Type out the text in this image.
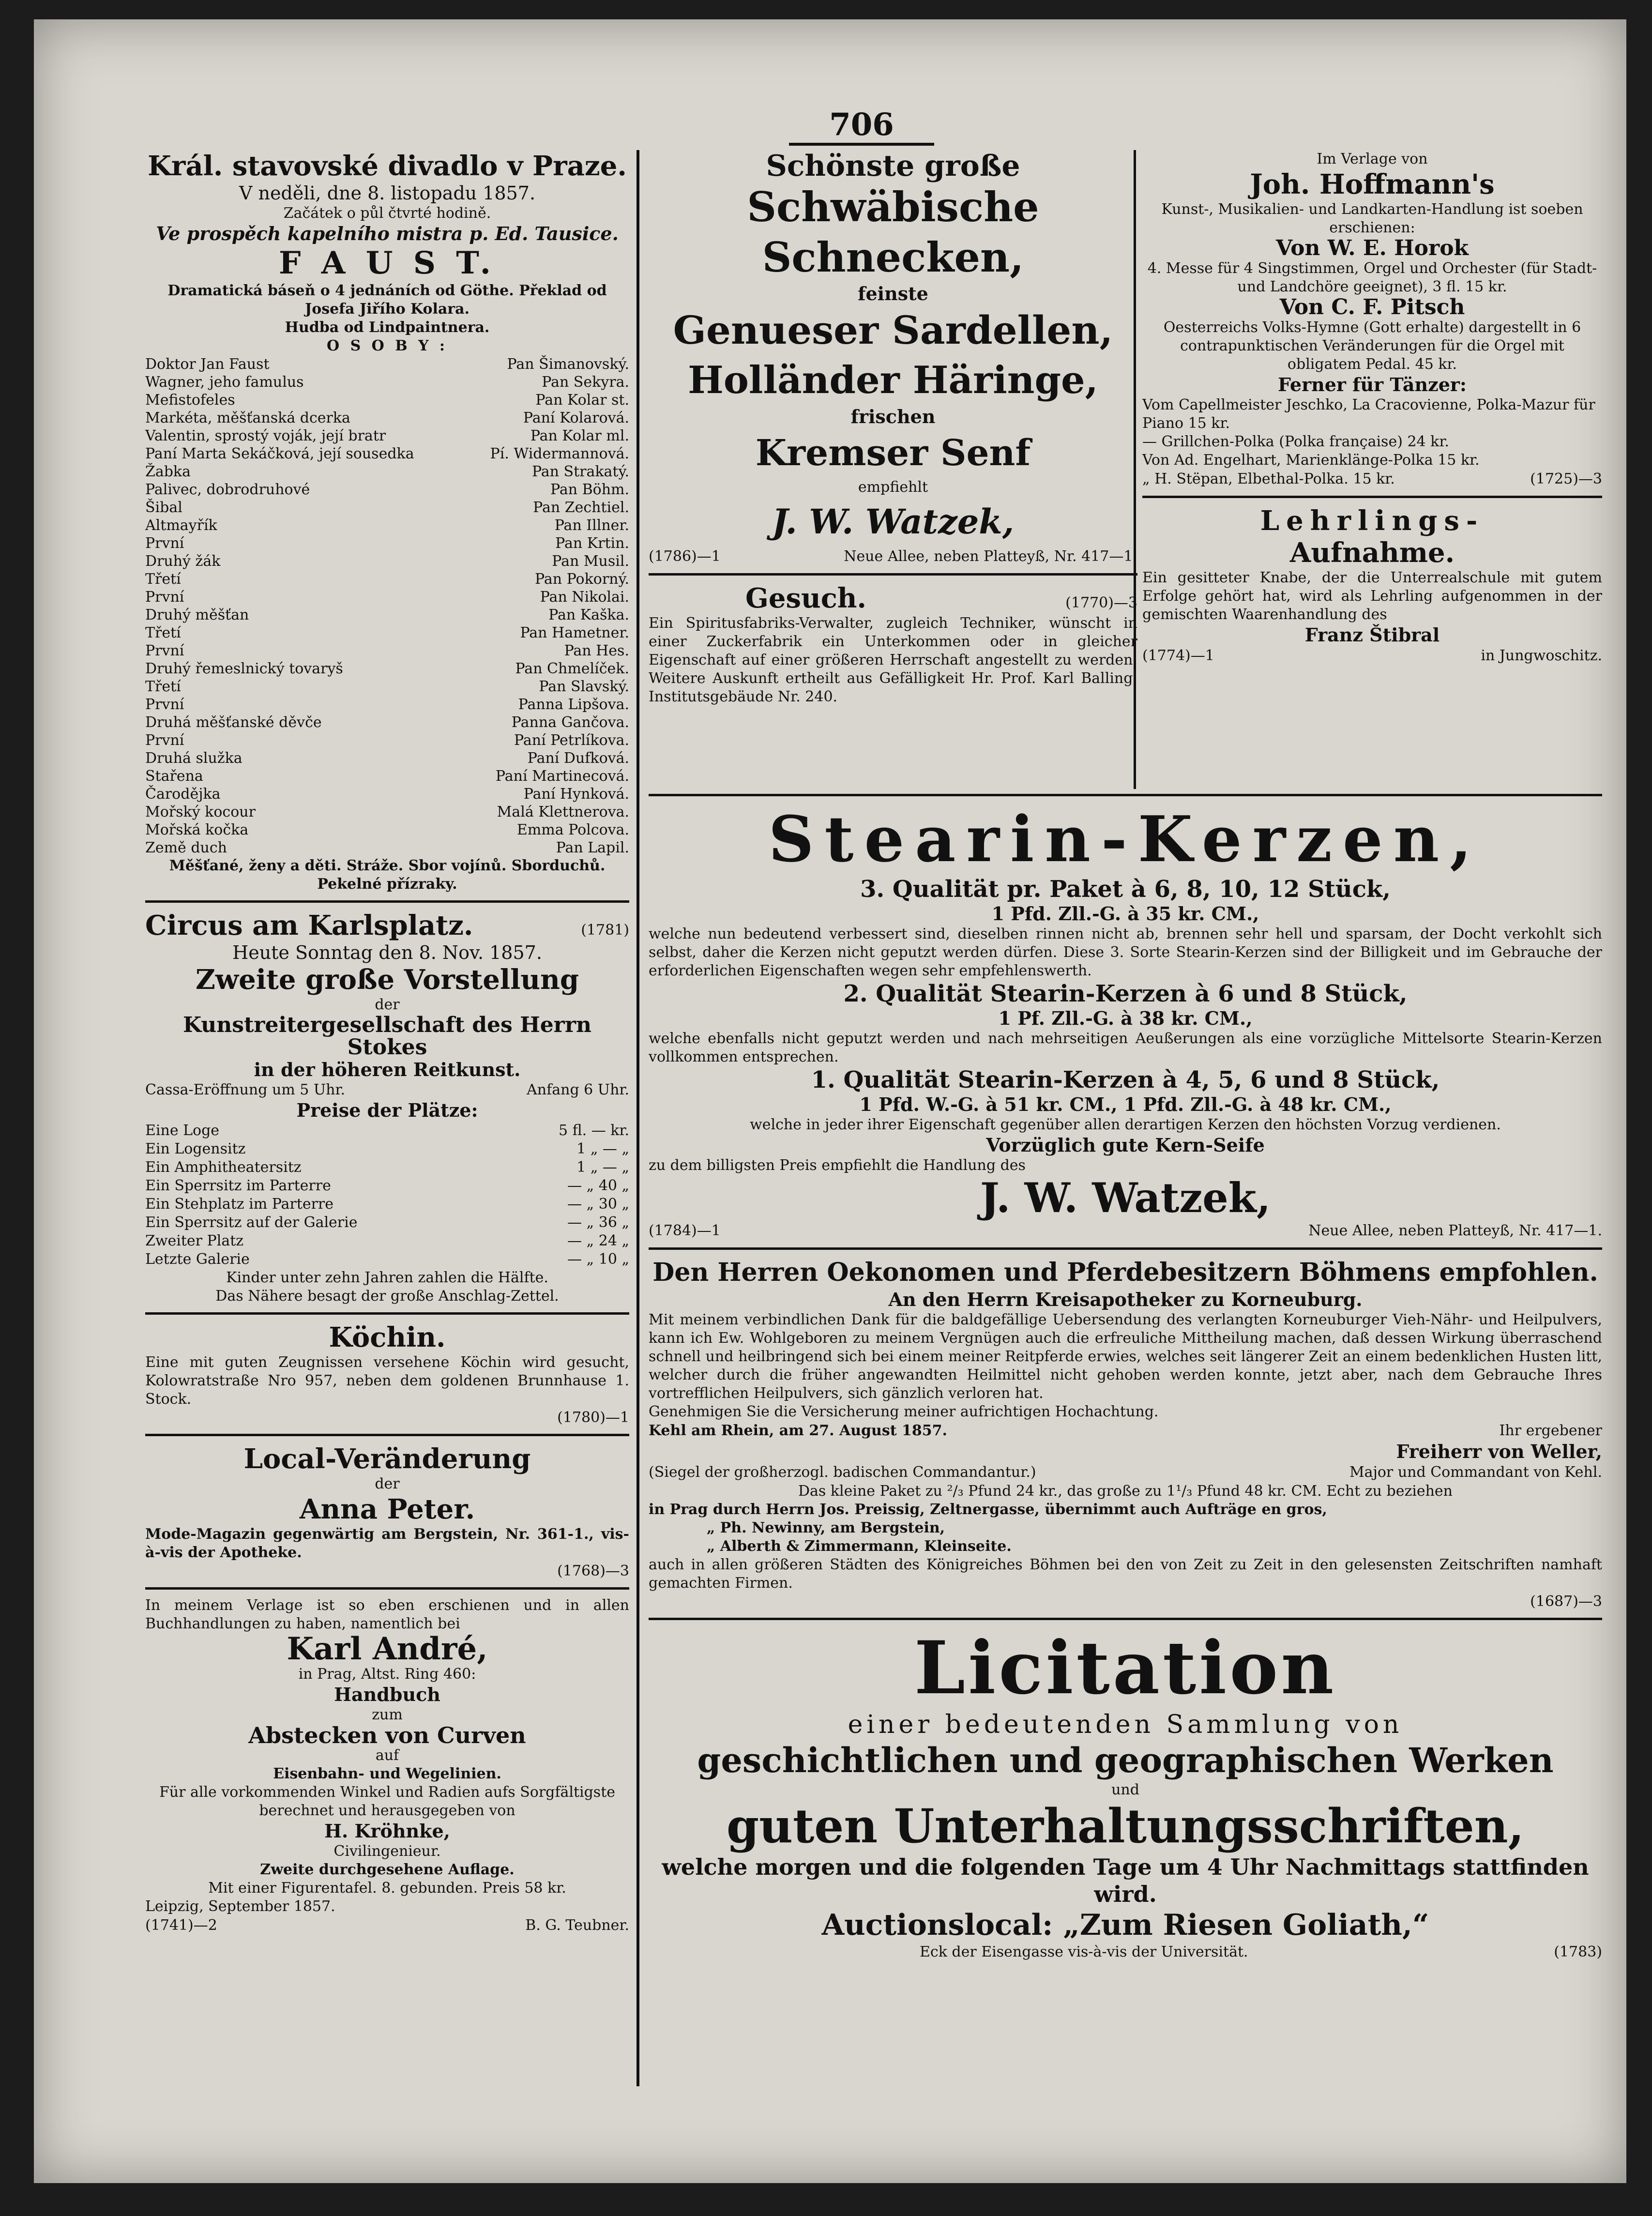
706
Král. stavovské divadlo v Praze.
V neděli, dne 8. listopadu 1857.
Začátek o půl čtvrté hodině.
Ve prospěch kapelního mistra p. Ed. Tausice.
F A U S T.
Dramatická báseň o 4 jednáních od Göthe. Překlad od Josefa Jiřího Kolara.
Hudba od Lindpaintnera.
O S O B Y :
Doktor Jan Faust	Pan Šimanovský.
Wagner, jeho famulus	Pan Sekyra.
Mefistofeles	Pan Kolar st.
Markéta, měšťanská dcerka	Paní Kolarová.
Valentin, sprostý voják, její bratr	Pan Kolar ml.
Paní Marta Sekáčková, její sousedka	Pí. Widermannová.
Žabka	Pan Strakatý.
Palivec, dobrodruhové	Pan Böhm.
Šibal	Pan Zechtiel.
Altmayřík	Pan Illner.
První	Pan Krtin.
Druhý žák	Pan Musil.
Třetí	Pan Pokorný.
První	Pan Nikolai.
Druhý měšťan	Pan Kaška.
Třetí	Pan Hametner.
První	Pan Hes.
Druhý řemeslnický tovaryš	Pan Chmelíček.
Třetí	Pan Slavský.
První	Panna Lipšova.
Druhá měšťanské děvče	Panna Gančova.
První	Paní Petrlíkova.
Druhá služka	Paní Dufková.
Stařena	Paní Martinecová.
Čarodějka	Paní Hynková.
Mořský kocour	Malá Klettnerova.
Mořská kočka	Emma Polcova.
Země duch	Pan Lapil.
Měšťané, ženy a děti. Stráže. Sbor vojínů. Sborduchů.
Pekelné přízraky.
Circus am Karlsplatz.	(1781)
Heute Sonntag den 8. Nov. 1857.
Zweite große Vorstellung
der
Kunstreitergesellschaft des Herrn Stokes
in der höheren Reitkunst.
Cassa-Eröffnung um 5 Uhr.	Anfang 6 Uhr.
Preise der Plätze:
Eine Loge	5 fl. — kr.
Ein Logensitz	1 „ — „
Ein Amphitheatersitz	1 „ — „
Ein Sperrsitz im Parterre	— „ 40 „
Ein Stehplatz im Parterre	— „ 30 „
Ein Sperrsitz auf der Galerie	— „ 36 „
Zweiter Platz	— „ 24 „
Letzte Galerie	— „ 10 „
Kinder unter zehn Jahren zahlen die Hälfte.
Das Nähere besagt der große Anschlag-Zettel.
Köchin.
Eine mit guten Zeugnissen versehene Köchin wird gesucht, Kolowratstraße Nro 957, neben dem goldenen Brunnhause 1. Stock.
(1780)—1
Local-Veränderung
der
Anna Peter.
Mode-Magazin gegenwärtig am Bergstein, Nr. 361-1., vis-à-vis der Apotheke.
(1768)—3
In meinem Verlage ist so eben erschienen und in allen Buchhandlungen zu haben, namentlich bei
Karl André,
in Prag, Altst. Ring 460:
Handbuch
zum
Abstecken von Curven
auf
Eisenbahn- und Wegelinien.
Für alle vorkommenden Winkel und Radien aufs Sorgfältigste berechnet und herausgegeben von
H. Kröhnke,
Civilingenieur.
Zweite durchgesehene Auflage.
Mit einer Figurentafel. 8. gebunden. Preis 58 kr.
Leipzig, September 1857.
(1741)—2	B. G. Teubner.
Schönste große
Schwäbische Schnecken,
feinste
Genueser Sardellen,
Holländer Häringe,
frischen
Kremser Senf
empfiehlt
J. W. Watzek,
(1786)—1	Neue Allee, neben Platteyß, Nr. 417—1.
Gesuch.	(1770)—3
Ein Spiritusfabriks-Verwalter, zugleich Techniker, wünscht in einer Zuckerfabrik ein Unterkommen oder in gleicher Eigenschaft auf einer größeren Herrschaft angestellt zu werden. Weitere Auskunft ertheilt aus Gefälligkeit Hr. Prof. Karl Balling, Institutsgebäude Nr. 240.
Im Verlage von
Joh. Hoffmann's
Kunst-, Musikalien- und Landkarten-Handlung ist soeben erschienen:
Von W. E. Horok
4. Messe für 4 Singstimmen, Orgel und Orchester (für Stadt- und Landchöre geeignet), 3 fl. 15 kr.
Von C. F. Pitsch
Oesterreichs Volks-Hymne (Gott erhalte) dargestellt in 6 contrapunktischen Veränderungen für die Orgel mit obligatem Pedal. 45 kr.
Ferner für Tänzer:
Vom Capellmeister Jeschko, La Cracovienne, Polka-Mazur für Piano 15 kr.
— Grillchen-Polka (Polka française) 24 kr.
Von Ad. Engelhart, Marienklänge-Polka 15 kr.
„ H. Stëpan, Elbethal-Polka. 15 kr.	(1725)—3
Lehrlings-
Aufnahme.
Ein gesitteter Knabe, der die Unterrealschule mit gutem Erfolge gehört hat, wird als Lehrling aufgenommen in der gemischten Waarenhandlung des
Franz Štibral
(1774)—1	in Jungwoschitz.
Stearin-Kerzen,
3. Qualität pr. Paket à 6, 8, 10, 12 Stück,
1 Pfd. Zll.-G. à 35 kr. CM.,
welche nun bedeutend verbessert sind, dieselben rinnen nicht ab, brennen sehr hell und sparsam, der Docht verkohlt sich selbst, daher die Kerzen nicht geputzt werden dürfen. Diese 3. Sorte Stearin-Kerzen sind der Billigkeit und im Gebrauche der erforderlichen Eigenschaften wegen sehr empfehlenswerth.
2. Qualität Stearin-Kerzen à 6 und 8 Stück,
1 Pf. Zll.-G. à 38 kr. CM.,
welche ebenfalls nicht geputzt werden und nach mehrseitigen Aeußerungen als eine vorzügliche Mittelsorte Stearin-Kerzen vollkommen entsprechen.
1. Qualität Stearin-Kerzen à 4, 5, 6 und 8 Stück,
1 Pfd. W.-G. à 51 kr. CM., 1 Pfd. Zll.-G. à 48 kr. CM.,
welche in jeder ihrer Eigenschaft gegenüber allen derartigen Kerzen den höchsten Vorzug verdienen.
Vorzüglich gute Kern-Seife
zu dem billigsten Preis empfiehlt die Handlung des
J. W. Watzek,
(1784)—1	Neue Allee, neben Platteyß, Nr. 417—1.
Den Herren Oekonomen und Pferdebesitzern Böhmens empfohlen.
An den Herrn Kreisapotheker zu Korneuburg.
Mit meinem verbindlichen Dank für die baldgefällige Uebersendung des verlangten Korneuburger Vieh-Nähr- und Heilpulvers, kann ich Ew. Wohlgeboren zu meinem Vergnügen auch die erfreuliche Mittheilung machen, daß dessen Wirkung überraschend schnell und heilbringend sich bei einem meiner Reitpferde erwies, welches seit längerer Zeit an einem bedenklichen Husten litt, welcher durch die früher angewandten Heilmittel nicht gehoben werden konnte, jetzt aber, nach dem Gebrauche Ihres vortrefflichen Heilpulvers, sich gänzlich verloren hat.
Genehmigen Sie die Versicherung meiner aufrichtigen Hochachtung.
Kehl am Rhein, am 27. August 1857.	Ihr ergebener
Freiherr von Weller,
(Siegel der großherzogl. badischen Commandantur.)	Major und Commandant von Kehl.
Das kleine Paket zu ²/₃ Pfund 24 kr., das große zu 1¹/₃ Pfund 48 kr. CM. Echt zu beziehen
in Prag durch Herrn Jos. Preissig, Zeltnergasse, übernimmt auch Aufträge en gros,
„ Ph. Newinny, am Bergstein,
„ Alberth & Zimmermann, Kleinseite.
auch in allen größeren Städten des Königreiches Böhmen bei den von Zeit zu Zeit in den gelesensten Zeitschriften namhaft gemachten Firmen.
(1687)—3
Licitation
einer bedeutenden Sammlung von
geschichtlichen und geographischen Werken
und
guten Unterhaltungsschriften,
welche morgen und die folgenden Tage um 4 Uhr Nachmittags stattfinden wird.
Auctionslocal: „Zum Riesen Goliath,“
Eck der Eisengasse vis-à-vis der Universität.	(1783)
